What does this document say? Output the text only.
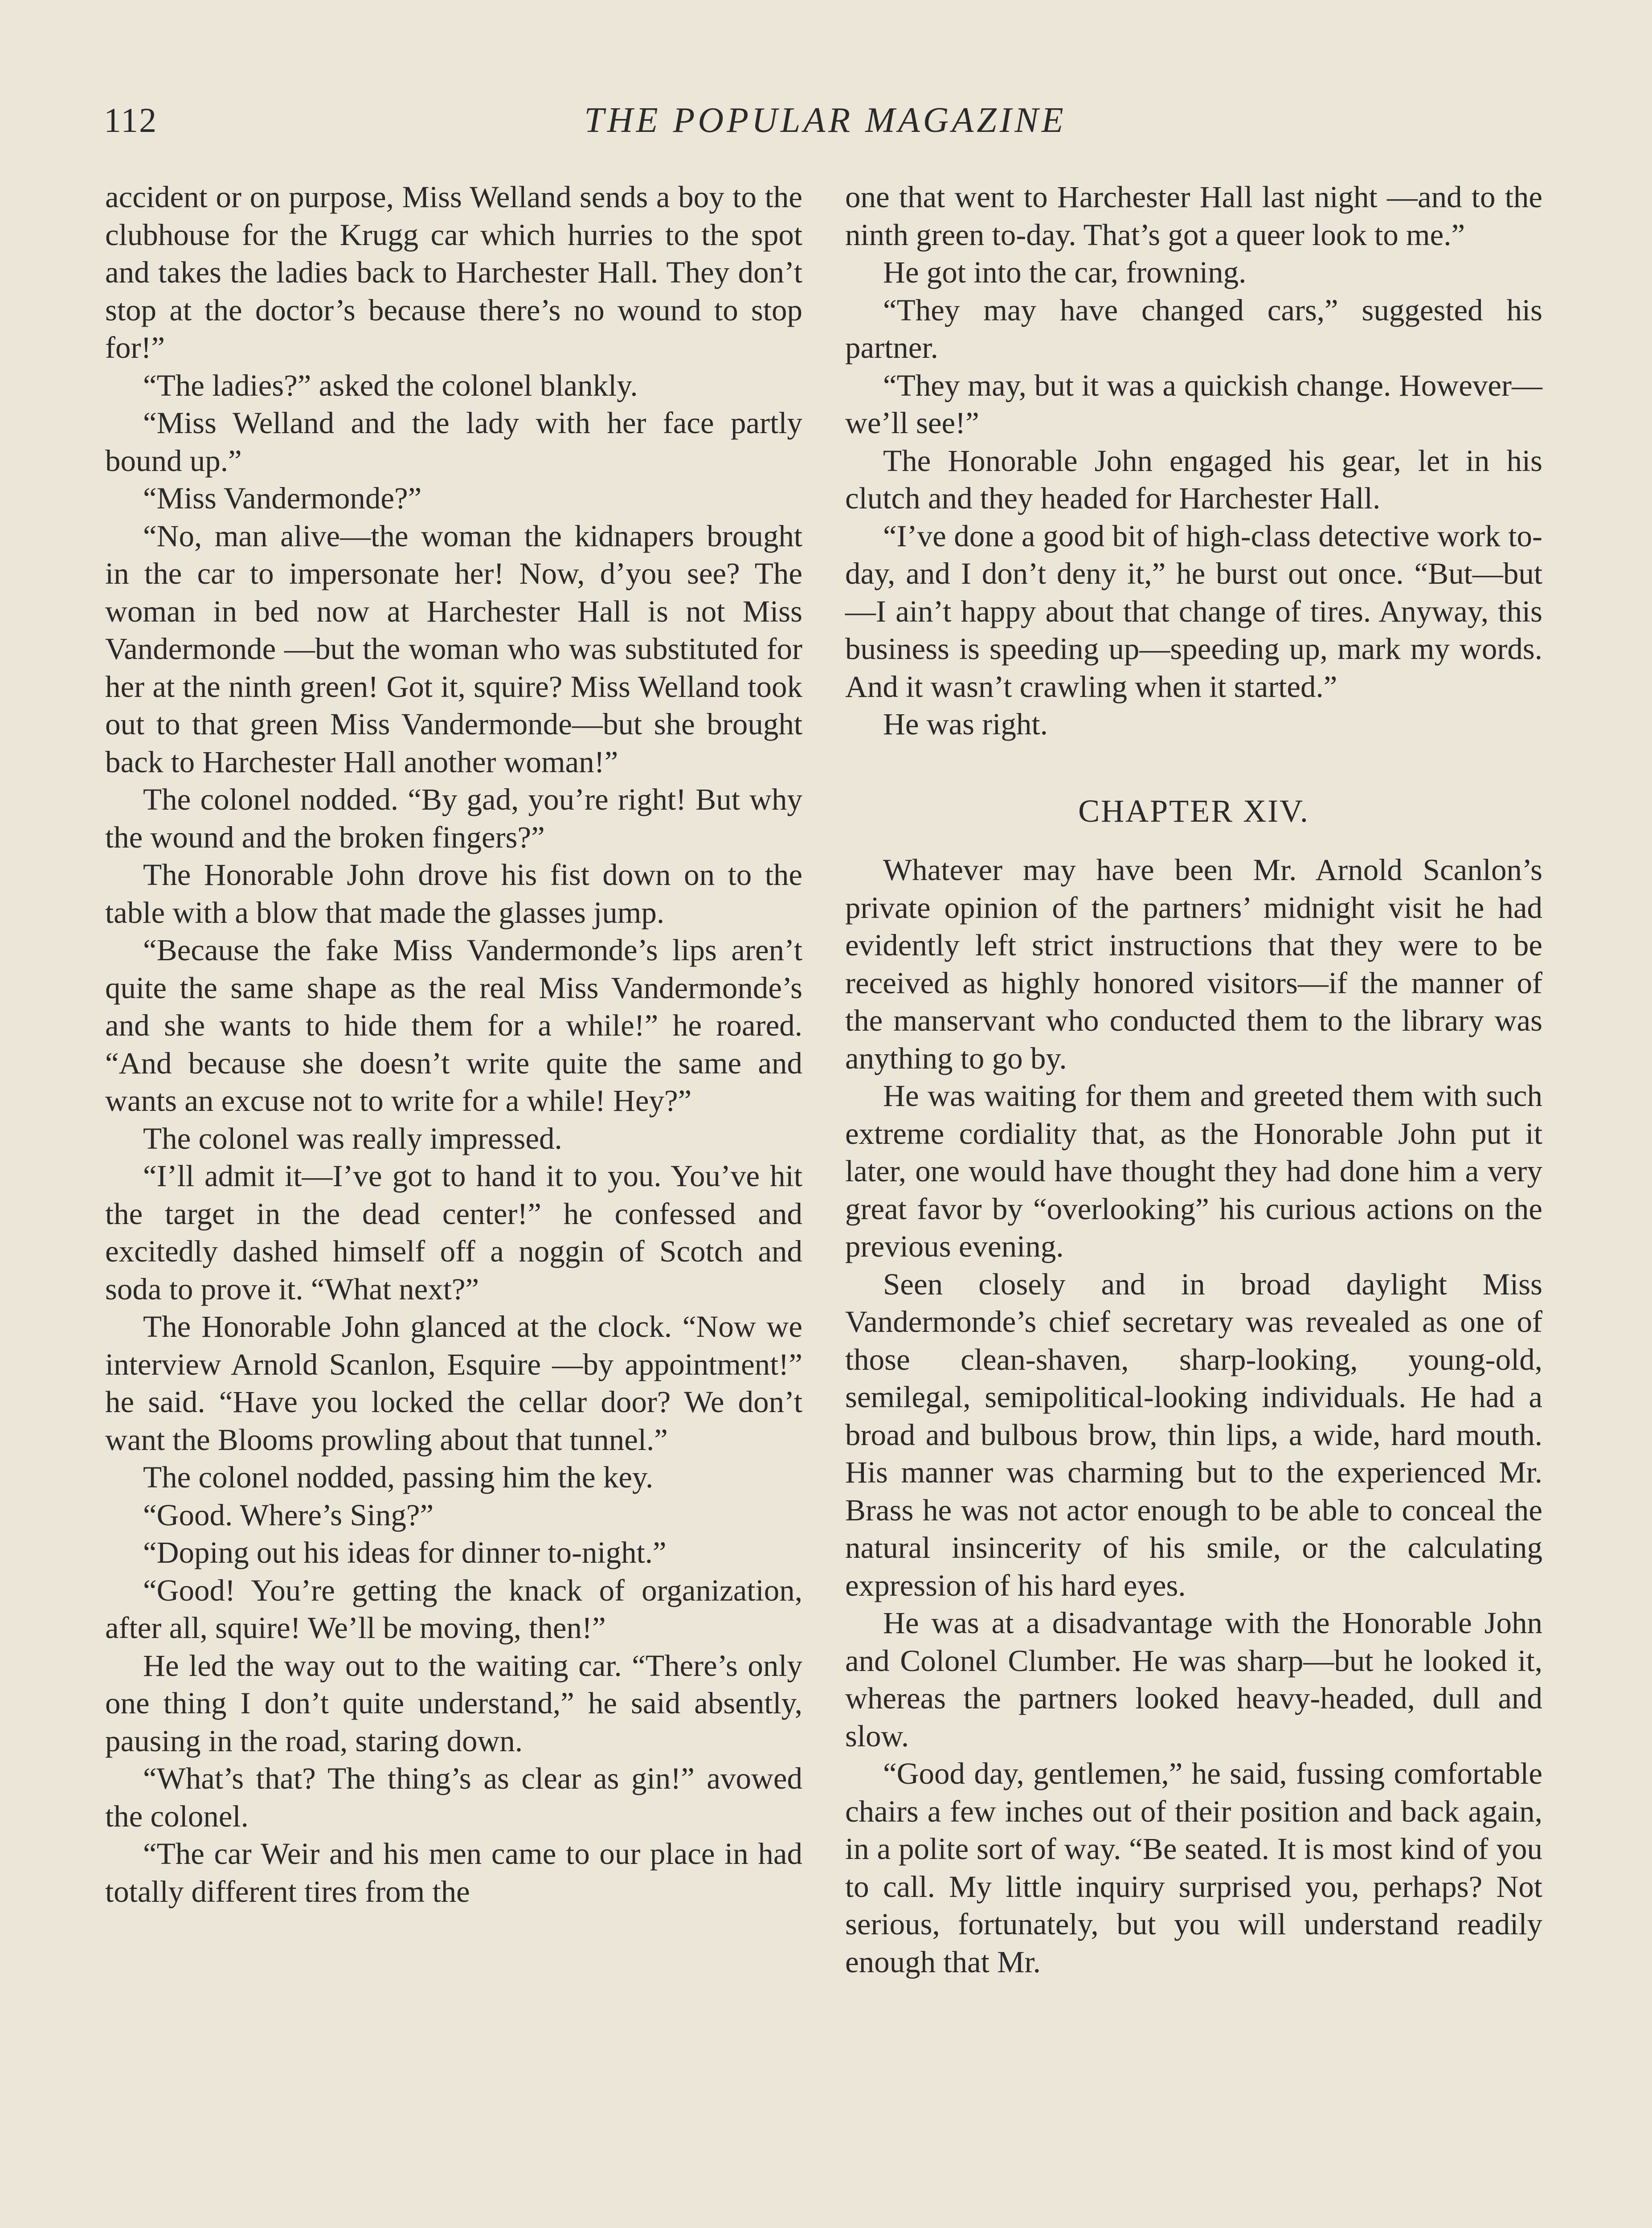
112	THE POPULAR MAGAZINE

accident or on purpose, Miss Welland sends a boy to the clubhouse for the Krugg car which hurries to the spot and takes the ladies back to Harchester Hall. They don’t stop at the doctor’s because there’s no wound to stop for!”

“The ladies?” asked the colonel blankly.

“Miss Welland and the lady with her face partly bound up.”

“Miss Vandermonde?”

“No, man alive—the woman the kidnapers brought in the car to impersonate her! Now, d’you see? The woman in bed now at Harchester Hall is not Miss Vandermonde —but the woman who was substituted for her at the ninth green! Got it, squire? Miss Welland took out to that green Miss Vandermonde—but she brought back to Harchester Hall another woman!”

The colonel nodded. “By gad, you’re right! But why the wound and the broken fingers?”

The Honorable John drove his fist down on to the table with a blow that made the glasses jump.

“Because the fake Miss Vandermonde’s lips aren’t quite the same shape as the real Miss Vandermonde’s and she wants to hide them for a while!” he roared. “And because she doesn’t write quite the same and wants an excuse not to write for a while! Hey?”

The colonel was really impressed.

“I’ll admit it—I’ve got to hand it to you. You’ve hit the target in the dead center!” he confessed and excitedly dashed himself off a noggin of Scotch and soda to prove it. “What next?”

The Honorable John glanced at the clock. “Now we interview Arnold Scanlon, Esquire —by appointment!” he said. “Have you locked the cellar door? We don’t want the Blooms prowling about that tunnel.”

The colonel nodded, passing him the key.

“Good. Where’s Sing?”

“Doping out his ideas for dinner to-night.”

“Good! You’re getting the knack of organization, after all, squire! We’ll be moving, then!”

He led the way out to the waiting car. “There’s only one thing I don’t quite understand,” he said absently, pausing in the road, staring down.

“What’s that? The thing’s as clear as gin!” avowed the colonel.

“The car Weir and his men came to our place in had totally different tires from the

one that went to Harchester Hall last night —and to the ninth green to-day. That’s got a queer look to me.”

He got into the car, frowning.

“They may have changed cars,” suggested his partner.

“They may, but it was a quickish change. However—we’ll see!”

The Honorable John engaged his gear, let in his clutch and they headed for Harchester Hall.

“I’ve done a good bit of high-class detective work to-day, and I don’t deny it,” he burst out once. “But—but—I ain’t happy about that change of tires. Anyway, this business is speeding up—speeding up, mark my words. And it wasn’t crawling when it started.”

He was right.

CHAPTER XIV.

Whatever may have been Mr. Arnold Scanlon’s private opinion of the partners’ midnight visit he had evidently left strict instructions that they were to be received as highly honored visitors—if the manner of the manservant who conducted them to the library was anything to go by.

He was waiting for them and greeted them with such extreme cordiality that, as the Honorable John put it later, one would have thought they had done him a very great favor by “overlooking” his curious actions on the previous evening.

Seen closely and in broad daylight Miss Vandermonde’s chief secretary was revealed as one of those clean-shaven, sharp-looking, young-old, semilegal, semipolitical-looking individuals. He had a broad and bulbous brow, thin lips, a wide, hard mouth. His manner was charming but to the experienced Mr. Brass he was not actor enough to be able to conceal the natural insincerity of his smile, or the calculating expression of his hard eyes.

He was at a disadvantage with the Honorable John and Colonel Clumber. He was sharp—but he looked it, whereas the partners looked heavy-headed, dull and slow.

“Good day, gentlemen,” he said, fussing comfortable chairs a few inches out of their position and back again, in a polite sort of way. “Be seated. It is most kind of you to call. My little inquiry surprised you, perhaps? Not serious, fortunately, but you will understand readily enough that Mr.
